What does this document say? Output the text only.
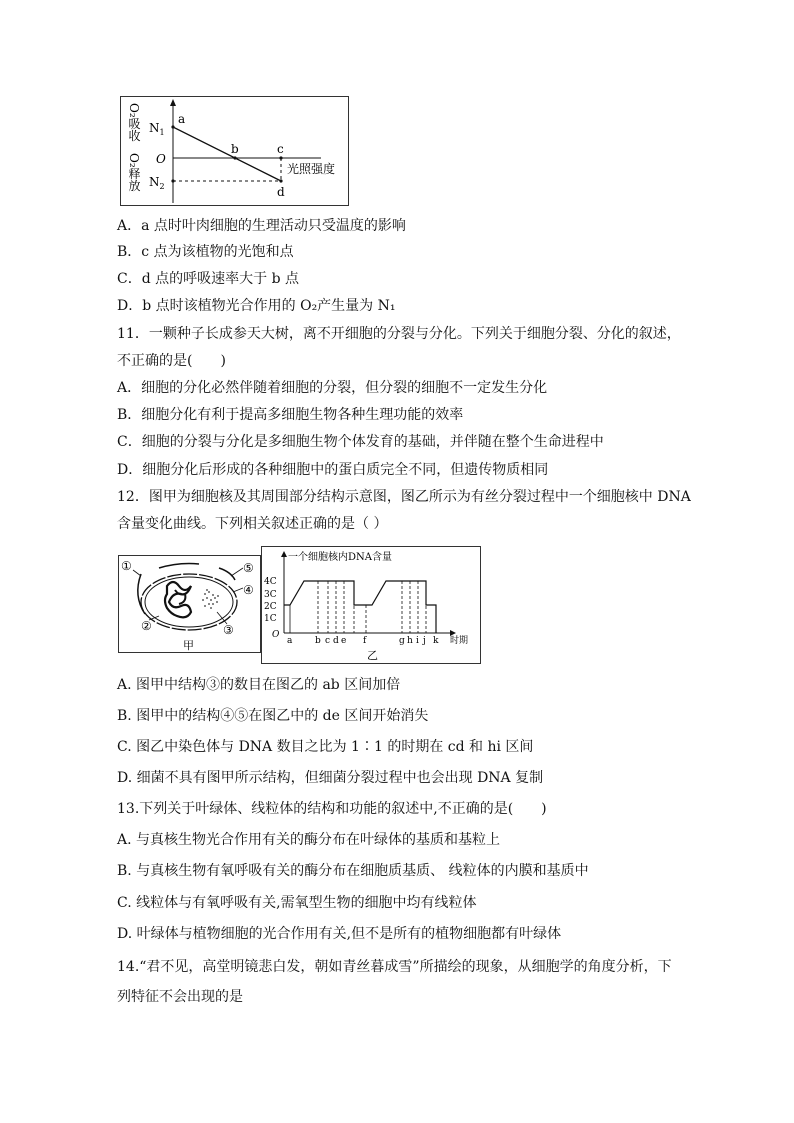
O₂吸收
O₂释放
$N_1$
O
$N_2$
a
b	c
d
光照强度
A．a 点时叶肉细胞的生理活动只受温度的影响
B．c 点为该植物的光饱和点
C．d 点的呼吸速率大于 b 点
D．b 点时该植物光合作用的 O₂产生量为 N₁
11．一颗种子长成参天大树，离不开细胞的分裂与分化。下列关于细胞分裂、分化的叙述，
不正确的是(　　)
A．细胞的分化必然伴随着细胞的分裂，但分裂的细胞不一定发生分化
B．细胞分化有利于提高多细胞生物各种生理功能的效率
C．细胞的分裂与分化是多细胞生物个体发育的基础，并伴随在整个生命进程中
D．细胞分化后形成的各种细胞中的蛋白质完全不同，但遗传物质相同
12．图甲为细胞核及其周围部分结构示意图，图乙所示为有丝分裂过程中一个细胞核中 DNA
含量变化曲线。下列相关叙述正确的是（ ）
①
②	③
④
⑤
甲
一个细胞核内DNA含量
4C
3C
2C
1C
O
a	b c d e f	g h i j k 时期
乙
A. 图甲中结构③的数目在图乙的 ab 区间加倍
B. 图甲中的结构④⑤在图乙中的 de 区间开始消失
C. 图乙中染色体与 DNA 数目之比为 1∶1 的时期在 cd 和 hi 区间
D. 细菌不具有图甲所示结构，但细菌分裂过程中也会出现 DNA 复制
13.下列关于叶绿体、线粒体的结构和功能的叙述中,不正确的是(　　)
A. 与真核生物光合作用有关的酶分布在叶绿体的基质和基粒上
B. 与真核生物有氧呼吸有关的酶分布在细胞质基质、 线粒体的内膜和基质中
C. 线粒体与有氧呼吸有关,需氧型生物的细胞中均有线粒体
D. 叶绿体与植物细胞的光合作用有关,但不是所有的植物细胞都有叶绿体
14.“君不见，高堂明镜悲白发，朝如青丝暮成雪”所描绘的现象，从细胞学的角度分析，下
列特征不会出现的是
